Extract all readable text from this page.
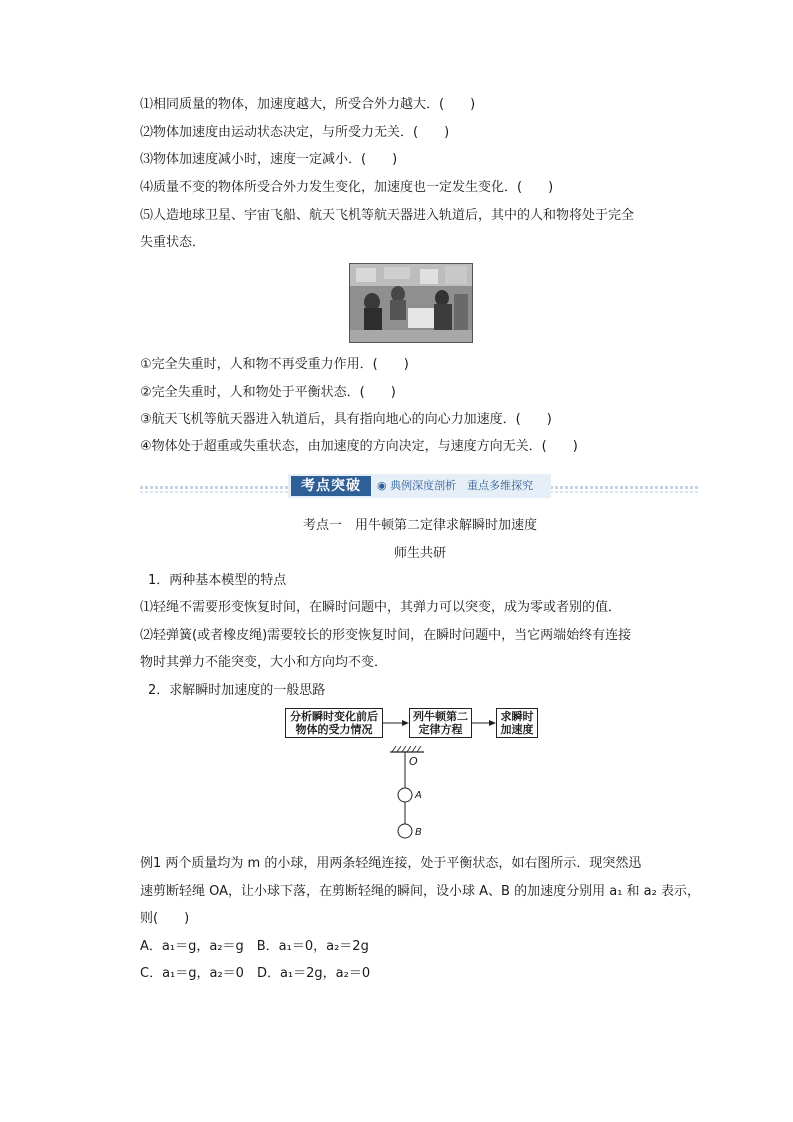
⑴相同质量的物体，加速度越大，所受合外力越大．(　　)
⑵物体加速度由运动状态决定，与所受力无关．(　　)
⑶物体加速度减小时，速度一定减小．(　　)
⑷质量不变的物体所受合外力发生变化，加速度也一定发生变化．(　　)
⑸人造地球卫星、宇宙飞船、航天飞机等航天器进入轨道后，其中的人和物将处于完全
失重状态．
①完全失重时，人和物不再受重力作用．(　　)
②完全失重时，人和物处于平衡状态．(　　)
③航天飞机等航天器进入轨道后，具有指向地心的向心力加速度．(　　)
④物体处于超重或失重状态，由加速度的方向决定，与速度方向无关．(　　)
考点突破	◉ 典例深度剖析　重点多维探究
考点一　用牛顿第二定律求解瞬时加速度
师生共研
1．两种基本模型的特点
⑴轻绳不需要形变恢复时间，在瞬时问题中，其弹力可以突变，成为零或者别的值．
⑵轻弹簧(或者橡皮绳)需要较长的形变恢复时间，在瞬时问题中，当它两端始终有连接
物时其弹力不能突变，大小和方向均不变．
2．求解瞬时加速度的一般思路
分析瞬时变化前后
物体的受力情况
列牛顿第二
定律方程
求瞬时
加速度
O
A
B
例1 两个质量均为 m 的小球，用两条轻绳连接，处于平衡状态，如右图所示．现突然迅
速剪断轻绳 OA，让小球下落，在剪断轻绳的瞬间，设小球 A、B 的加速度分别用 a₁ 和 a₂ 表示，
则(　　)
A．a₁＝g，a₂＝g　B．a₁＝0，a₂＝2g
C．a₁＝g，a₂＝0　D．a₁＝2g，a₂＝0
